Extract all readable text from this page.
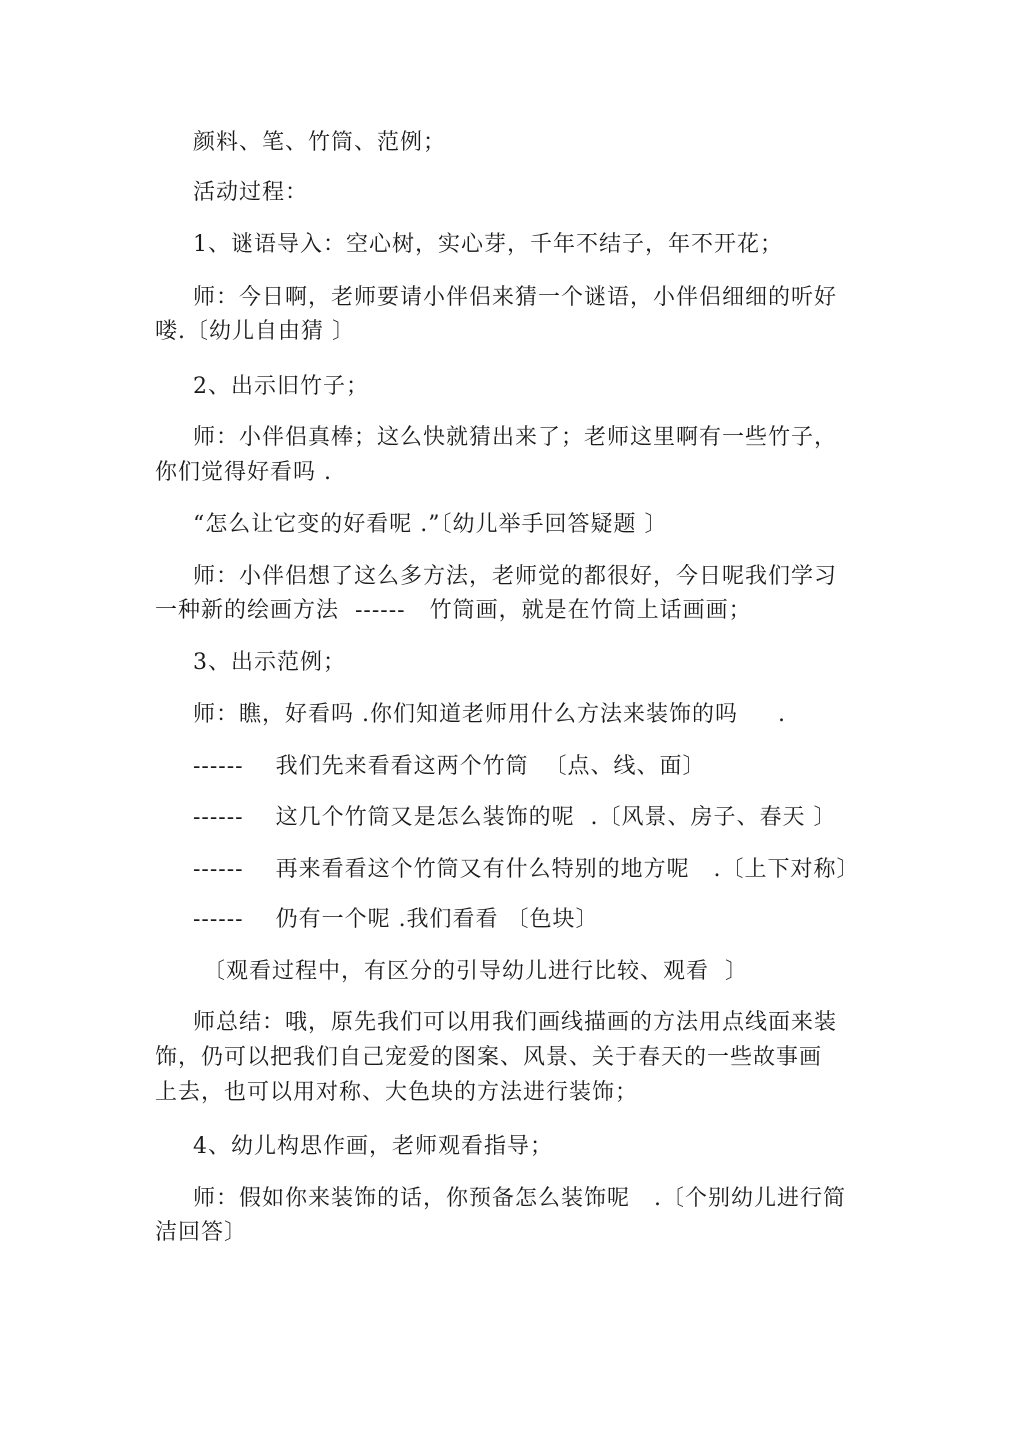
颜料、笔、竹筒、范例；
活动过程：
1、谜语导入：空心树，实心芽，千年不结子，年不开花；
师：今日啊，老师要请小伴侣来猜一个谜语，小伴侣细细的听好
喽.〔幼儿自由猜 〕
2、出示旧竹子；
师：小伴侣真棒；这么快就猜出来了；老师这里啊有一些竹子，
你们觉得好看吗 .
“怎么让它变的好看呢 .”〔幼儿举手回答疑题 〕
师：小伴侣想了这么多方法，老师觉的都很好，今日呢我们学习
一种新的绘画方法  ------   竹筒画，就是在竹筒上话画画；
3、出示范例；
师：瞧，好看吗 .你们知道老师用什么方法来装饰的吗     .
------    我们先来看看这两个竹筒  〔点、线、面〕
------    这几个竹筒又是怎么装饰的呢  .〔风景、房子、春天 〕
------    再来看看这个竹筒又有什么特别的地方呢   .〔上下对称〕
------    仍有一个呢 .我们看看 〔色块〕
〔观看过程中，有区分的引导幼儿进行比较、观看  〕
师总结：哦，原先我们可以用我们画线描画的方法用点线面来装
饰，仍可以把我们自己宠爱的图案、风景、关于春天的一些故事画
上去，也可以用对称、大色块的方法进行装饰；
4、幼儿构思作画，老师观看指导；
师：假如你来装饰的话，你预备怎么装饰呢   .〔个别幼儿进行简
洁回答〕
